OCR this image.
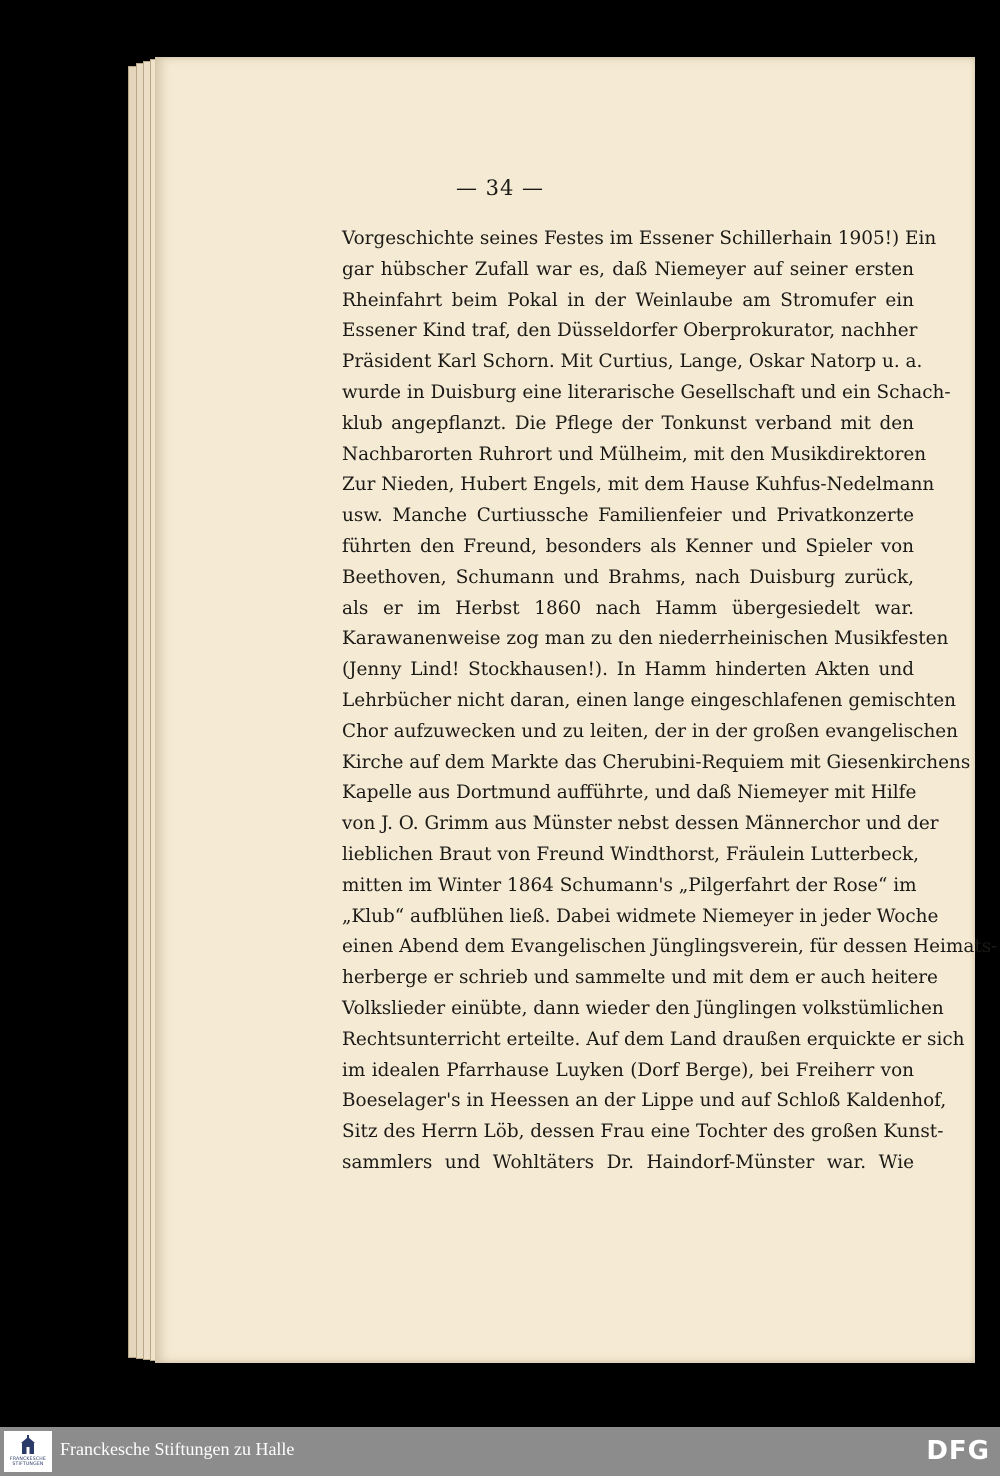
— 34 —
Vorgeschichte seines Festes im Essener Schillerhain 1905!) Ein
gar hübscher Zufall war es, daß Niemeyer auf seiner ersten
Rheinfahrt beim Pokal in der Weinlaube am Stromufer ein
Essener Kind traf, den Düsseldorfer Oberprokurator, nachher
Präsident Karl Schorn. Mit Curtius, Lange, Oskar Natorp u. a.
wurde in Duisburg eine literarische Gesellschaft und ein Schach-
klub angepflanzt. Die Pflege der Tonkunst verband mit den
Nachbarorten Ruhrort und Mülheim, mit den Musikdirektoren
Zur Nieden, Hubert Engels, mit dem Hause Kuhfus-Nedelmann
usw. Manche Curtiussche Familienfeier und Privatkonzerte
führten den Freund, besonders als Kenner und Spieler von
Beethoven, Schumann und Brahms, nach Duisburg zurück,
als er im Herbst 1860 nach Hamm übergesiedelt war.
Karawanenweise zog man zu den niederrheinischen Musikfesten
(Jenny Lind! Stockhausen!). In Hamm hinderten Akten und
Lehrbücher nicht daran, einen lange eingeschlafenen gemischten
Chor aufzuwecken und zu leiten, der in der großen evangelischen
Kirche auf dem Markte das Cherubini-Requiem mit Giesenkirchens
Kapelle aus Dortmund aufführte, und daß Niemeyer mit Hilfe
von J. O. Grimm aus Münster nebst dessen Männerchor und der
lieblichen Braut von Freund Windthorst, Fräulein Lutterbeck,
mitten im Winter 1864 Schumann's „Pilgerfahrt der Rose“ im
„Klub“ aufblühen ließ. Dabei widmete Niemeyer in jeder Woche
einen Abend dem Evangelischen Jünglingsverein, für dessen Heimats-
herberge er schrieb und sammelte und mit dem er auch heitere
Volkslieder einübte, dann wieder den Jünglingen volkstümlichen
Rechtsunterricht erteilte. Auf dem Land draußen erquickte er sich
im idealen Pfarrhause Luyken (Dorf Berge), bei Freiherr von
Boeselager's in Heessen an der Lippe und auf Schloß Kaldenhof,
Sitz des Herrn Löb, dessen Frau eine Tochter des großen Kunst-
sammlers und Wohltäters Dr. Haindorf-Münster war. Wie
FRANCKESCHE
STIFTUNGEN
Franckesche Stiftungen zu Halle	DFG
